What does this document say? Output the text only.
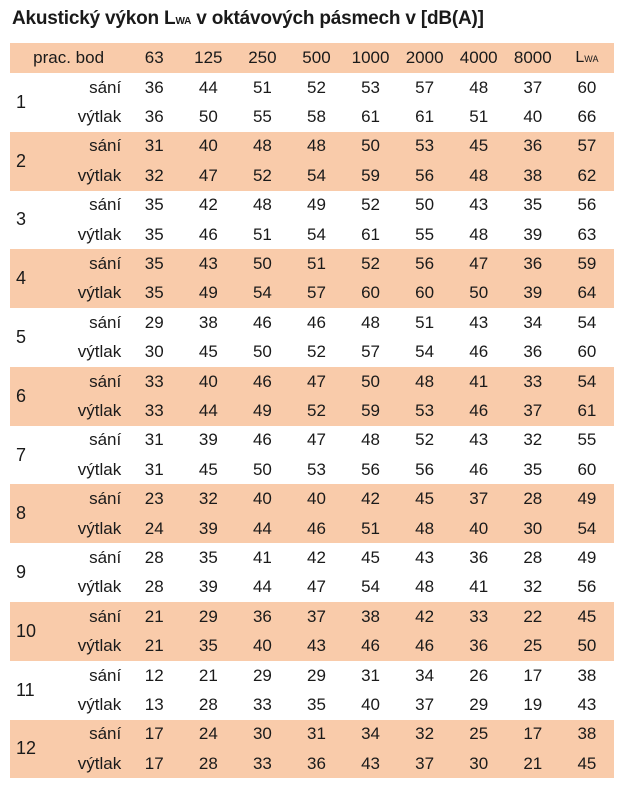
Akustický výkon LWA v oktávových pásmech v [dB(A)]
prac. bod		63	125	250	500	1000	2000	4000	8000	LWA
1	sání	36	44	51	52	53	57	48	37	60
	výtlak	36	50	55	58	61	61	51	40	66
2	sání	31	40	48	48	50	53	45	36	57
	výtlak	32	47	52	54	59	56	48	38	62
3	sání	35	42	48	49	52	50	43	35	56
	výtlak	35	46	51	54	61	55	48	39	63
4	sání	35	43	50	51	52	56	47	36	59
	výtlak	35	49	54	57	60	60	50	39	64
5	sání	29	38	46	46	48	51	43	34	54
	výtlak	30	45	50	52	57	54	46	36	60
6	sání	33	40	46	47	50	48	41	33	54
	výtlak	33	44	49	52	59	53	46	37	61
7	sání	31	39	46	47	48	52	43	32	55
	výtlak	31	45	50	53	56	56	46	35	60
8	sání	23	32	40	40	42	45	37	28	49
	výtlak	24	39	44	46	51	48	40	30	54
9	sání	28	35	41	42	45	43	36	28	49
	výtlak	28	39	44	47	54	48	41	32	56
10	sání	21	29	36	37	38	42	33	22	45
	výtlak	21	35	40	43	46	46	36	25	50
11	sání	12	21	29	29	31	34	26	17	38
	výtlak	13	28	33	35	40	37	29	19	43
12	sání	17	24	30	31	34	32	25	17	38
	výtlak	17	28	33	36	43	37	30	21	45
